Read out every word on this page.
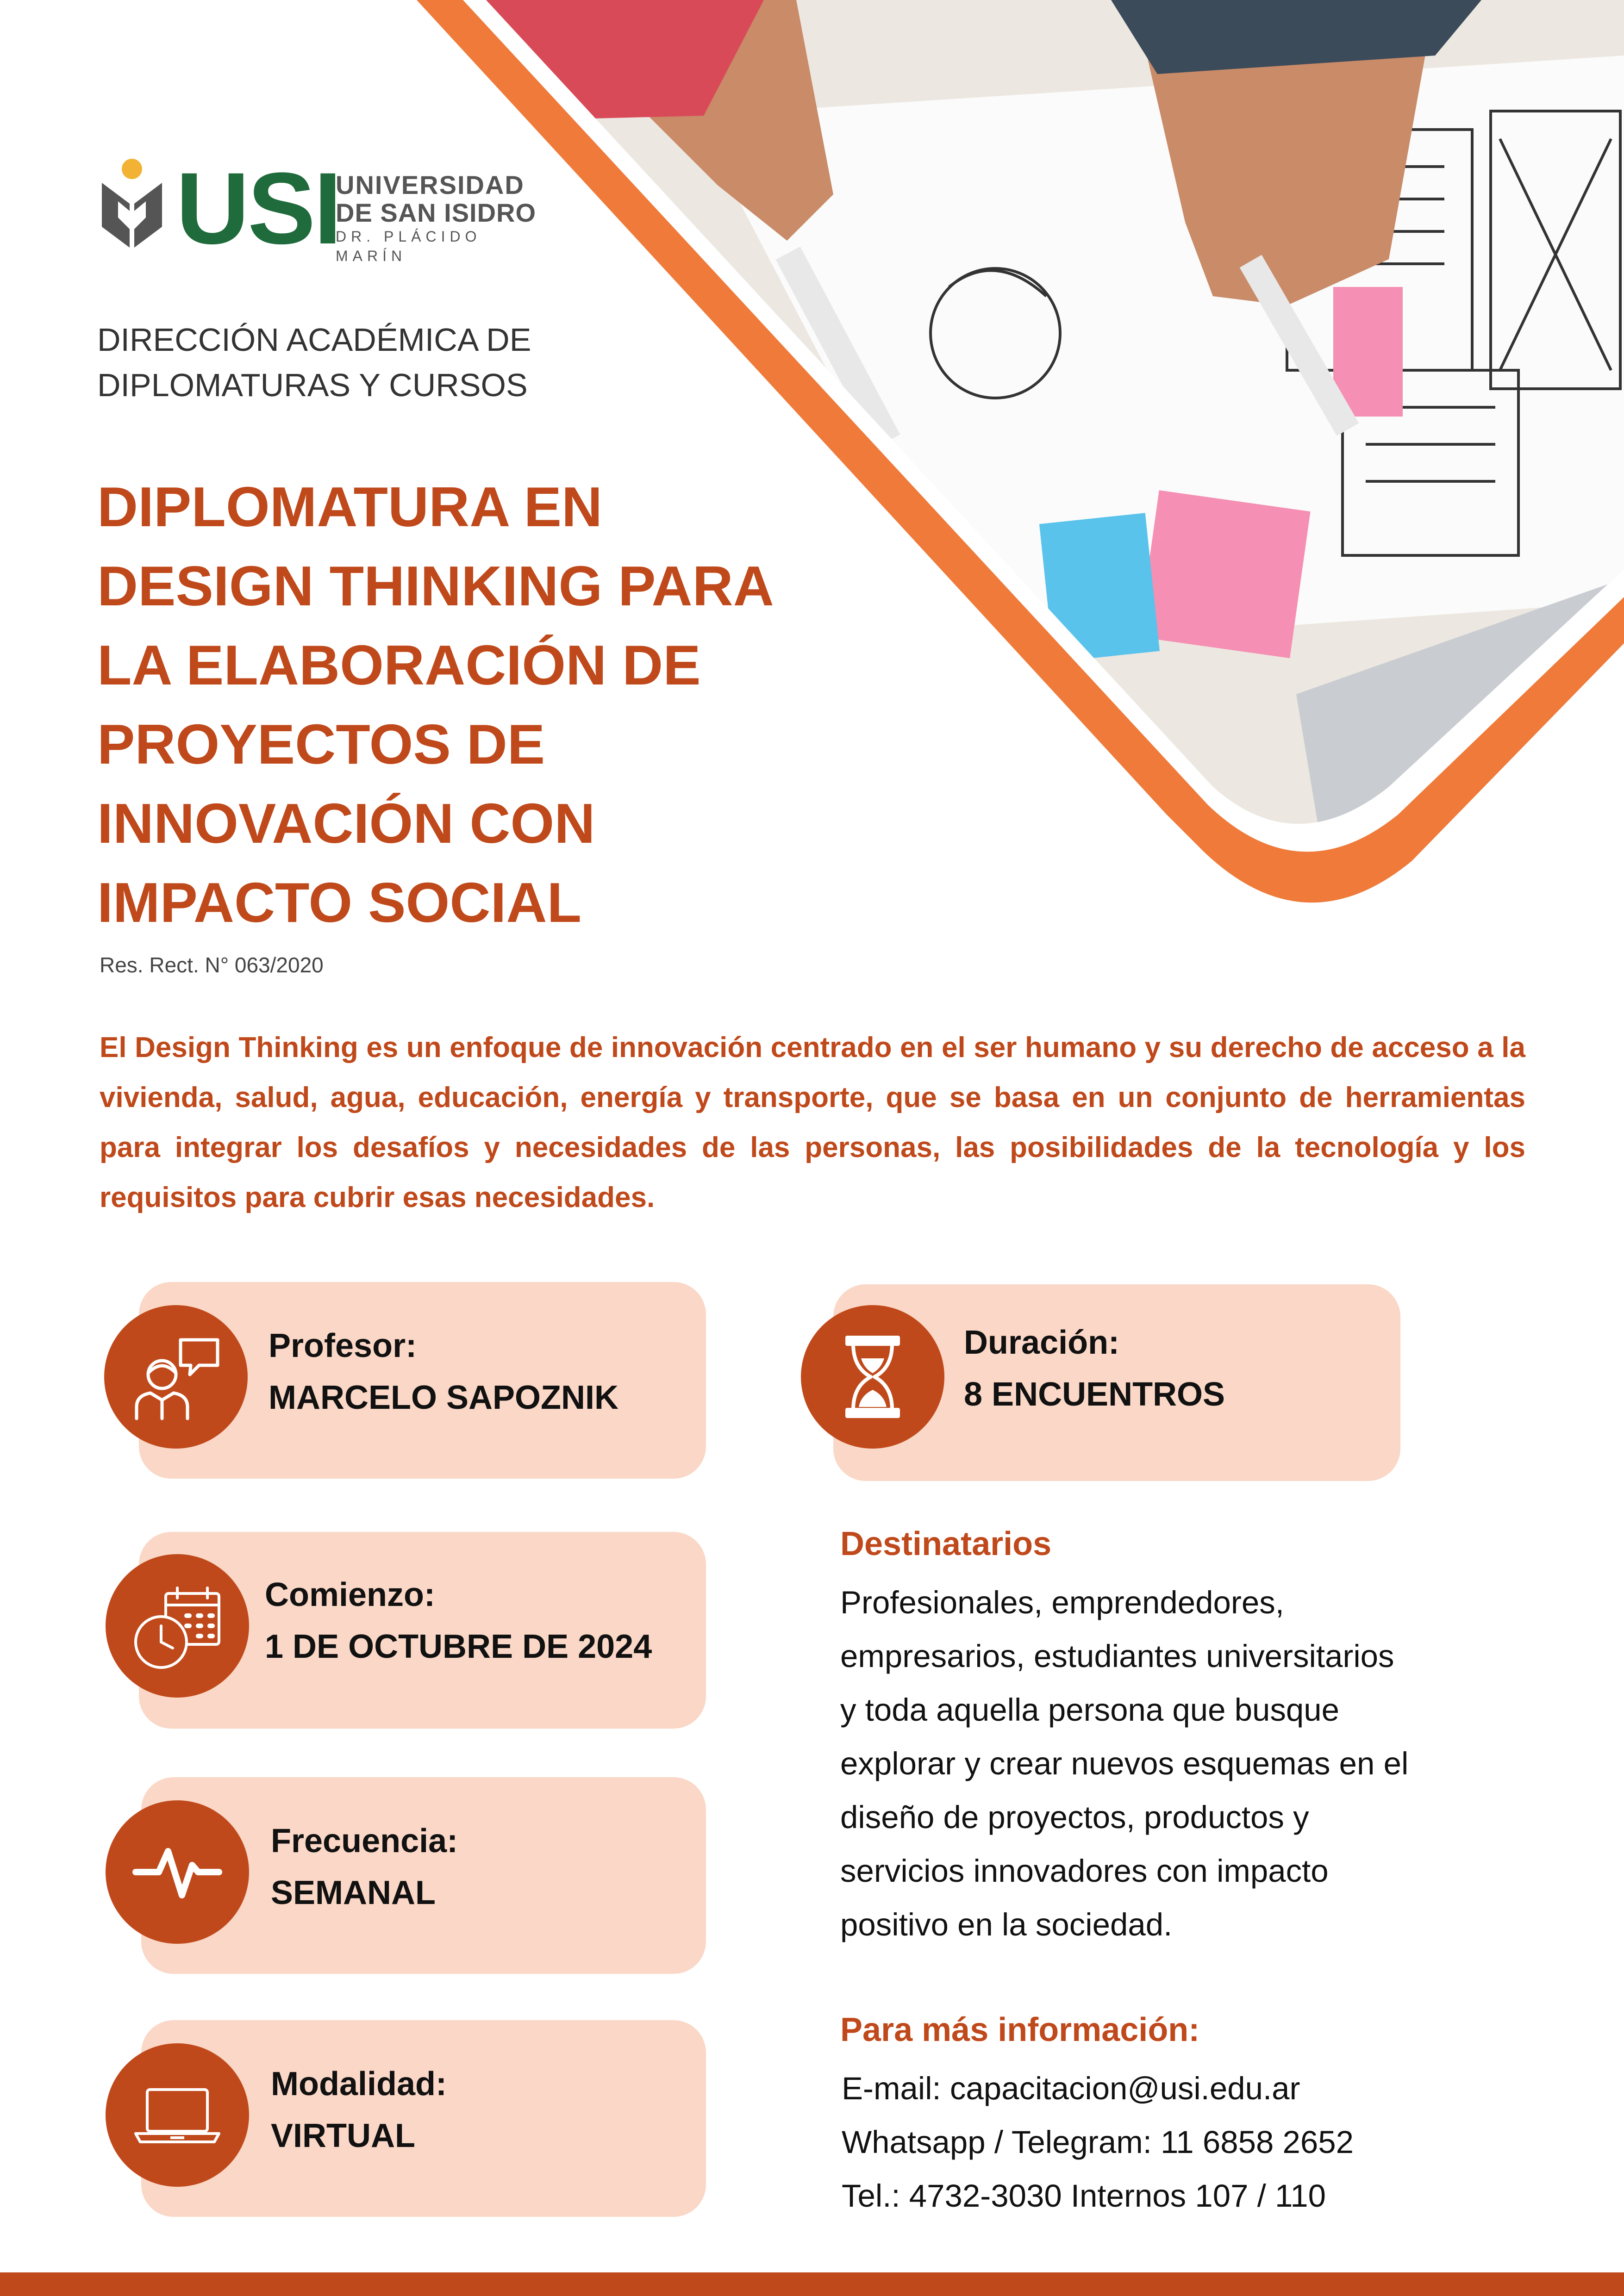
USI
UNIVERSIDAD
DE SAN ISIDRO
DR. PLÁCIDO MARÍN
DIRECCIÓN ACADÉMICA DE
DIPLOMATURAS Y CURSOS
DIPLOMATURA EN
DESIGN THINKING PARA
LA ELABORACIÓN DE
PROYECTOS DE
INNOVACIÓN CON
IMPACTO SOCIAL
Res. Rect. N° 063/2020
El Design Thinking es un enfoque de innovación centrado en el ser humano y su derecho de acceso a la vivienda, salud, agua, educación, energía y transporte, que se basa en un conjunto de herramientas para integrar los desafíos y necesidades de las personas, las posibilidades de la tecnología y los requisitos para cubrir esas necesidades.
Profesor:
MARCELO SAPOZNIK
Duración:
8 ENCUENTROS
Comienzo:
1 DE OCTUBRE DE 2024
Frecuencia:
SEMANAL
Modalidad:
VIRTUAL
Destinatarios
Profesionales, emprendedores,
empresarios, estudiantes universitarios
y toda aquella persona que busque
explorar y crear nuevos esquemas en el
diseño de proyectos, productos y
servicios innovadores con impacto
positivo en la sociedad.
Para más información:
E-mail: capacitacion@usi.edu.ar
Whatsapp / Telegram: 11 6858 2652
Tel.: 4732-3030 Internos 107 / 110
